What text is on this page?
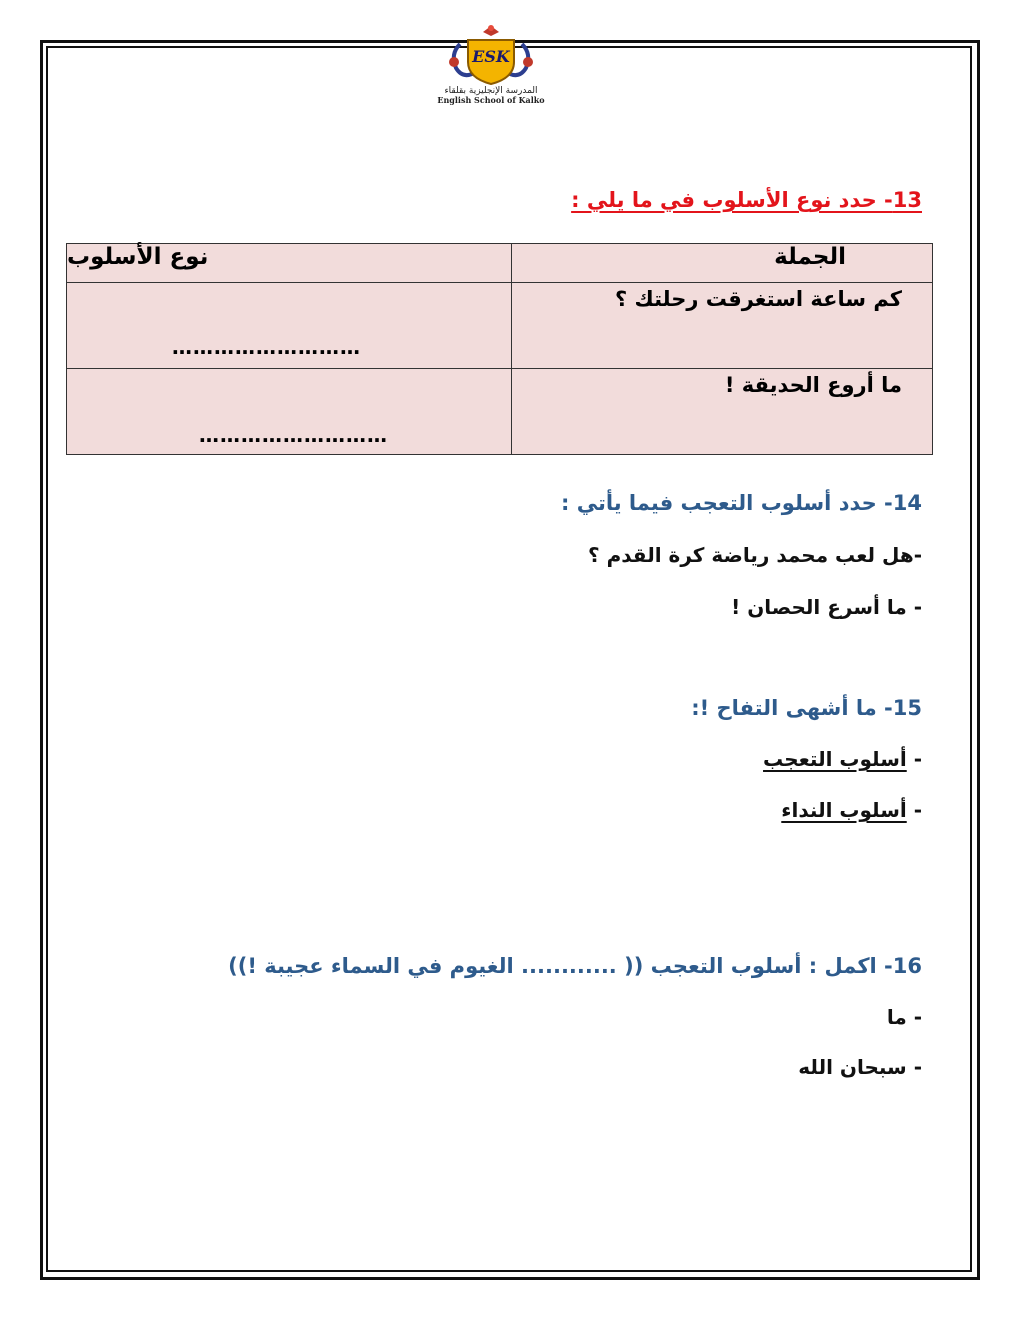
ESK
المدرسة الإنجليزية بقلقاء
English School of Kalko
13- حدد نوع الأسلوب في ما يلي :
الجملة	نوع الأسلوب
كم ساعة استغرقت رحلتك ؟	………………………

ما أروع الحديقة !	………………………
14- حدد أسلوب التعجب فيما يأتي :
-هل لعب محمد رياضة كرة القدم ؟
- ما أسرع الحصان !
15- ما أشهى التفاح !:
- أسلوب التعجب
- أسلوب النداء
16- اكمل : أسلوب التعجب (( ............ الغيوم في السماء عجيبة !))
- ما
- سبحان الله
